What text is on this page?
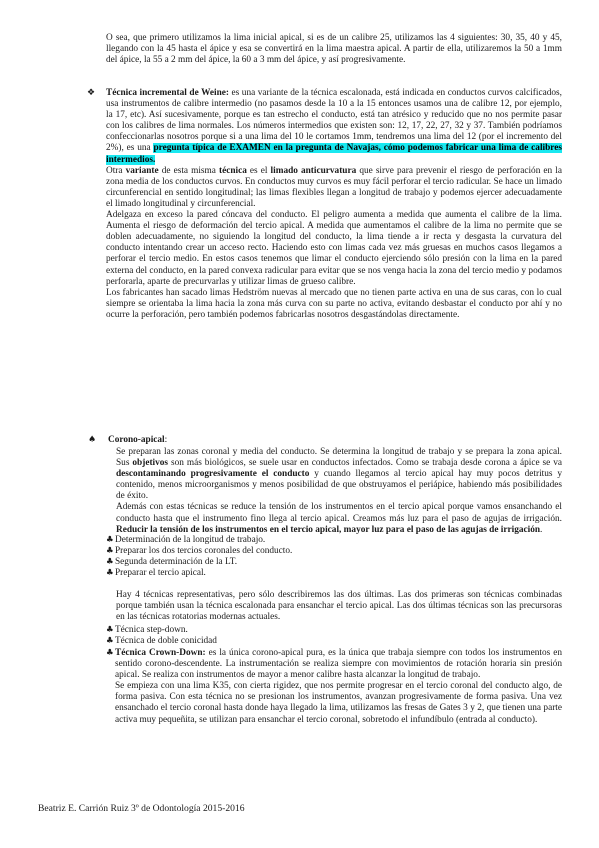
O sea, que primero utilizamos la lima inicial apical, si es de un calibre 25, utilizamos las 4 siguientes: 30, 35, 40 y 45, llegando con la 45 hasta el ápice y esa se convertirá en la lima maestra apical. A partir de ella, utilizaremos la 50 a 1mm del ápice, la 55 a 2 mm del ápice, la 60 a 3 mm del ápice, y así progresivamente.

❖	Técnica incremental de Weine: es una variante de la técnica escalonada, está indicada en conductos curvos calcificados, usa instrumentos de calibre intermedio (no pasamos desde la 10 a la 15 entonces usamos una de calibre 12, por ejemplo, la 17, etc). Así sucesivamente, porque es tan estrecho el conducto, está tan atrésico y reducido que no nos permite pasar con los calibres de lima normales. Los números intermedios que existen son: 12, 17, 22, 27, 32 y 37. También podríamos confeccionarlas nosotros porque si a una lima del 10 le cortamos 1mm, tendremos una lima del 12 (por el incremento del 2%), es una pregunta típica de EXAMEN en la pregunta de Navajas, cómo podemos fabricar una lima de calibres intermedios.

Otra variante de esta misma técnica es el limado anticurvatura que sirve para prevenir el riesgo de perforación en la zona media de los conductos curvos. En conductos muy curvos es muy fácil perforar el tercio radicular. Se hace un limado circunferencial en sentido longitudinal; las limas flexibles llegan a longitud de trabajo y podemos ejercer adecuadamente el limado longitudinal y circunferencial.

Adelgaza en exceso la pared cóncava del conducto. El peligro aumenta a medida que aumenta el calibre de la lima. Aumenta el riesgo de deformación del tercio apical. A medida que aumentamos el calibre de la lima no permite que se doblen adecuadamente, no siguiendo la longitud del conducto, la lima tiende a ir recta y desgasta la curvatura del conducto intentando crear un acceso recto. Haciendo esto con limas cada vez más gruesas en muchos casos llegamos a perforar el tercio medio. En estos casos tenemos que limar el conducto ejerciendo sólo presión con la lima en la pared externa del conducto, en la pared convexa radicular para evitar que se nos venga hacia la zona del tercio medio y podamos perforarla, aparte de precurvarlas y utilizar limas de grueso calibre.

Los fabricantes han sacado limas Hedström nuevas al mercado que no tienen parte activa en una de sus caras, con lo cual siempre se orientaba la lima hacia la zona más curva con su parte no activa, evitando desbastar el conducto por ahí y no ocurre la perforación, pero también podemos fabricarlas nosotros desgastándolas directamente.

♠	Corono-apical:

Se preparan las zonas coronal y media del conducto. Se determina la longitud de trabajo y se prepara la zona apical. Sus objetivos son más biológicos, se suele usar en conductos infectados. Como se trabaja desde corona a ápice se va descontaminando progresivamente el conducto y cuando llegamos al tercio apical hay muy pocos detritus y contenido, menos microorganismos y menos posibilidad de que obstruyamos el periápice, habiendo más posibilidades de éxito.

Además con estas técnicas se reduce la tensión de los instrumentos en el tercio apical porque vamos ensanchando el conducto hasta que el instrumento fino llega al tercio apical. Creamos más luz para el paso de agujas de irrigación. Reducir la tensión de los instrumentos en el tercio apical, mayor luz para el paso de las agujas de irrigación.

♣Determinación de la longitud de trabajo.

♣Preparar los dos tercios coronales del conducto.

♣Segunda determinación de la LT.

♣Preparar el tercio apical.

Hay 4 técnicas representativas, pero sólo describiremos las dos últimas. Las dos primeras son técnicas combinadas porque también usan la técnica escalonada para ensanchar el tercio apical. Las dos últimas técnicas son las precursoras en las técnicas rotatorias modernas actuales.

♣Técnica step-down.

♣Técnica de doble conicidad

♣ Técnica Crown-Down: es la única corono-apical pura, es la única que trabaja siempre con todos los instrumentos en sentido corono-descendente. La instrumentación se realiza siempre con movimientos de rotación horaria sin presión apical. Se realiza con instrumentos de mayor a menor calibre hasta alcanzar la longitud de trabajo.

Se empieza con una lima K35, con cierta rigidez, que nos permite progresar en el tercio coronal del conducto algo, de forma pasiva. Con esta técnica no se presionan los instrumentos, avanzan progresivamente de forma pasiva. Una vez ensanchado el tercio coronal hasta donde haya llegado la lima, utilizamos las fresas de Gates 3 y 2, que tienen una parte activa muy pequeñita, se utilizan para ensanchar el tercio coronal, sobretodo el infundíbulo (entrada al conducto).

Beatriz E. Carrión Ruiz 3º de Odontología 2015-2016
